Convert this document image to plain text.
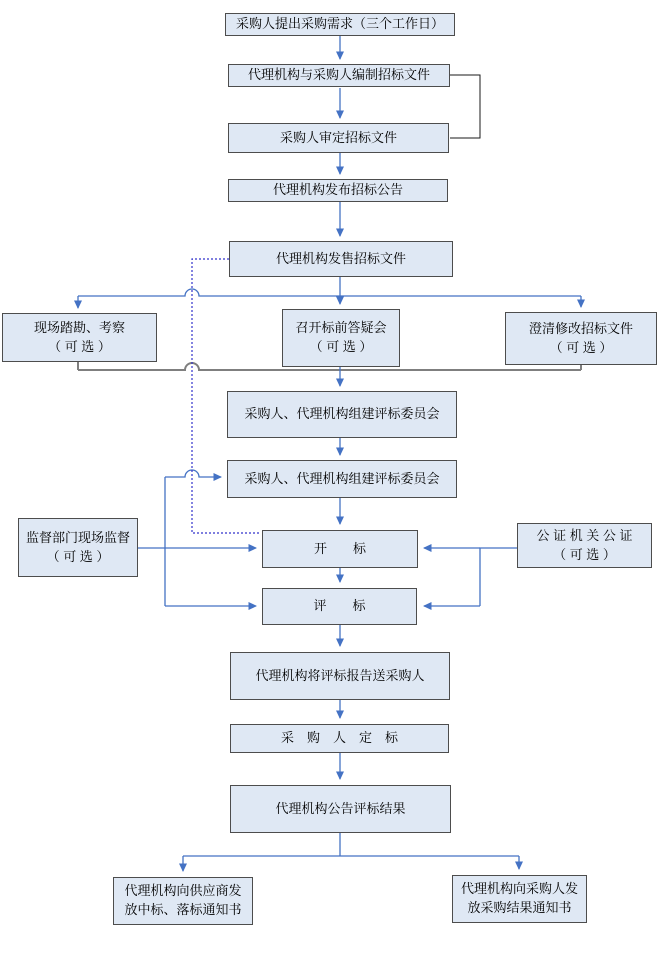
采购人提出采购需求（三个工作日）
代理机构与采购人编制招标文件
采购人审定招标文件
代理机构发布招标公告
代理机构发售招标文件
现场踏勘、考察
（ 可 选 ）
召开标前答疑会
（ 可 选 ）
澄清修改招标文件
（ 可 选 ）
采购人、代理机构组建评标委员会
采购人、代理机构组建评标委员会
监督部门现场监督
（ 可 选 ）
开　　标
公 证 机 关 公 证
（ 可 选 ）
评　　标
代理机构将评标报告送采购人
采　购　人　定　标
代理机构公告评标结果
代理机构向供应商发
放中标、落标通知书
代理机构向采购人发
放采购结果通知书
